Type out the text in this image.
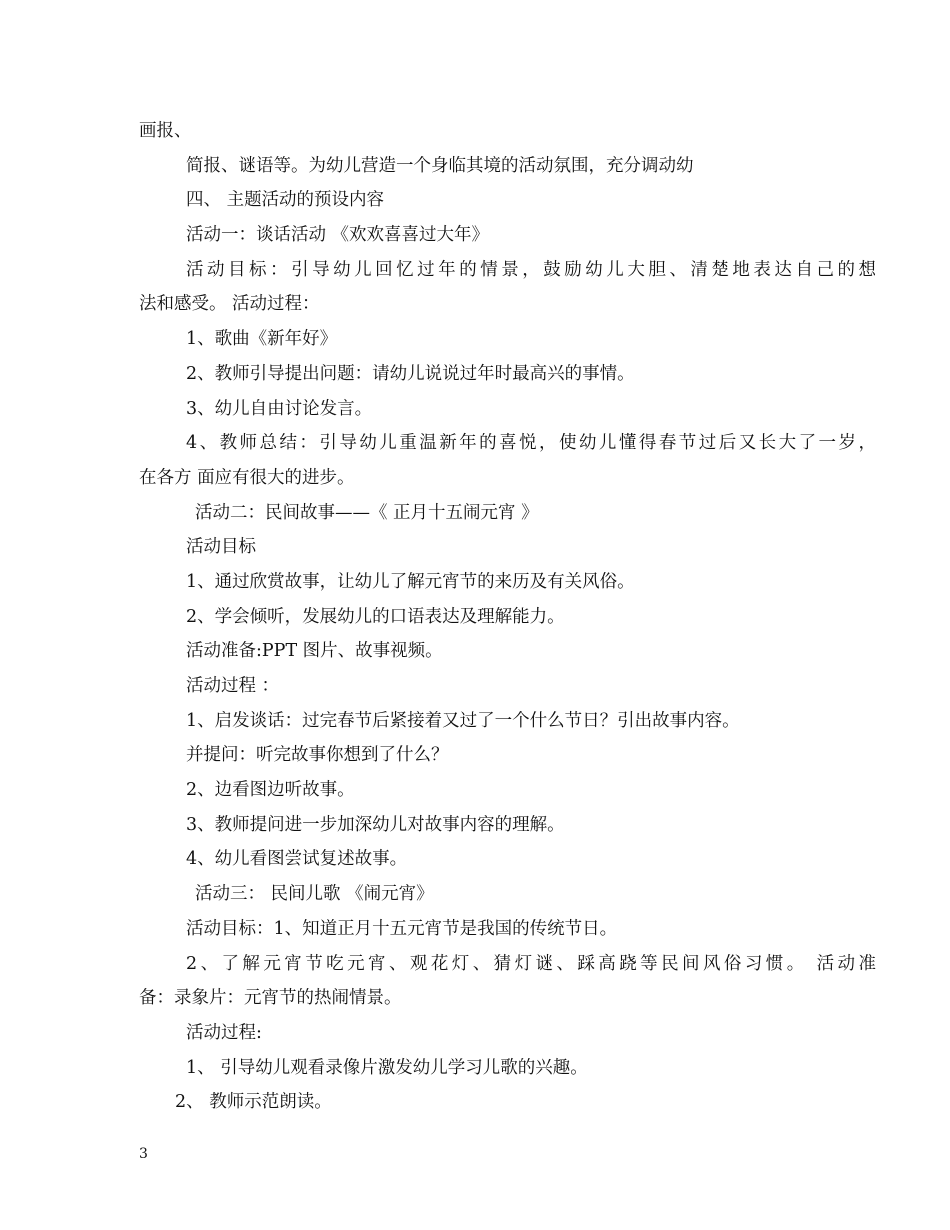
画报、
简报、谜语等。为幼儿营造一个身临其境的活动氛围，充分调动幼
四、 主题活动的预设内容
活动一：谈话活动 《欢欢喜喜过大年》
活动目标：引导幼儿回忆过年的情景，鼓励幼儿大胆、清楚地表达自己的想
法和感受。 活动过程：
1、歌曲《新年好》
2、教师引导提出问题：请幼儿说说过年时最高兴的事情。
3、幼儿自由讨论发言。
4、教师总结：引导幼儿重温新年的喜悦，使幼儿懂得春节过后又长大了一岁，
在各方 面应有很大的进步。
活动二：民间故事——《 正月十五闹元宵 》
活动目标
1、通过欣赏故事，让幼儿了解元宵节的来历及有关风俗。
2、学会倾听，发展幼儿的口语表达及理解能力。
活动准备:PPT 图片、故事视频。
活动过程 ：
1、启发谈话：过完春节后紧接着又过了一个什么节日？引出故事内容。
并提问：听完故事你想到了什么？
2、边看图边听故事。
3、教师提问进一步加深幼儿对故事内容的理解。
4、幼儿看图尝试复述故事。
活动三： 民间儿歌 《闹元宵》
活动目标：1、知道正月十五元宵节是我国的传统节日。
2、了解元宵节吃元宵、观花灯、猜灯谜、踩高跷等民间风俗习惯。 活动准
备：录象片：元宵节的热闹情景。
活动过程:
1、 引导幼儿观看录像片激发幼儿学习儿歌的兴趣。
2、 教师示范朗读。
3
